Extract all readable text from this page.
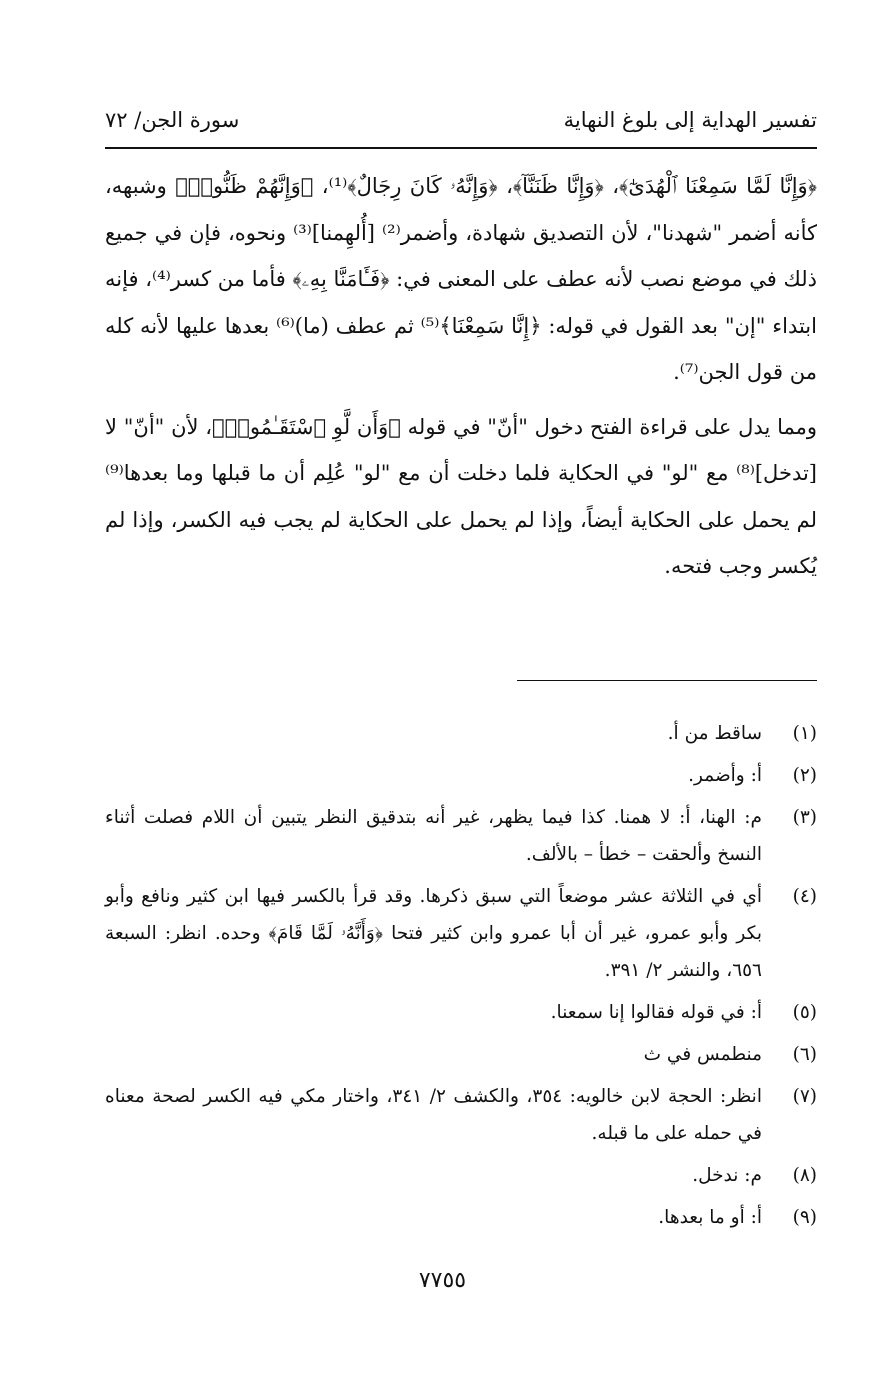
تفسير الهداية إلى بلوغ النهاية
سورة الجن/ ٧٢

﴿وَإِنَّا لَمَّا سَمِعْنَا ٱلْهُدَىٰٓ﴾، ﴿وَإِنَّا ظَنَنَّآ﴾، ﴿وَإِنَّهُۥ كَانَ رِجَالٌ﴾⁽¹⁾، ﴿وَإِنَّهُمْ ظَنُّوا۟﴾ وشبهه، كأنه أضمر "شهدنا"، لأن التصديق شهادة، وأضمر⁽²⁾ [أُلهِمنا]⁽³⁾ ونحوه، فإن في جميع ذلك في موضع نصب لأنه عطف على المعنى في: ﴿فَـَٔامَنَّا بِهِۦ﴾ فأما من كسر⁽⁴⁾، فإنه ابتداء "إن" بعد القول في قوله: ﴿إِنَّا سَمِعْنَا﴾⁽⁵⁾ ثم عطف (ما)⁽⁶⁾ بعدها عليها لأنه كله من قول الجن⁽⁷⁾.

ومما يدل على قراءة الفتح دخول "أنّ" في قوله ﴿وَأَن لَّوِ ٱسْتَقَـٰمُوا۟﴾، لأن "أنّ" لا [تدخل]⁽⁸⁾ مع "لو" في الحكاية فلما دخلت أن مع "لو" عُلِم أن ما قبلها وما بعدها⁽⁹⁾ لم يحمل على الحكاية أيضاً، وإذا لم يحمل على الحكاية لم يجب فيه الكسر، وإذا لم يُكسر وجب فتحه.

(١)
ساقط من أ.
(٢)
أ: وأضمر.
(٣)
م: الهنا، أ: لا همنا. كذا فيما يظهر، غير أنه بتدقيق النظر يتبين أن اللام فصلت أثناء النسخ وألحقت – خطأ – بالألف.
(٤)
أي في الثلاثة عشر موضعاً التي سبق ذكرها. وقد قرأ بالكسر فيها ابن كثير ونافع وأبو بكر وأبو عمرو، غير أن أبا عمرو وابن كثير فتحا ﴿وَأَنَّهُۥ لَمَّا قَامَ﴾ وحده. انظر: السبعة ٦٥٦، والنشر ٢/ ٣٩١.
(٥)
أ: في قوله فقالوا إنا سمعنا.
(٦)
منطمس في ث
(٧)
انظر: الحجة لابن خالويه: ٣٥٤، والكشف ٢/ ٣٤١، واختار مكي فيه الكسر لصحة معناه في حمله على ما قبله.
(٨)
م: ندخل.
(٩)
أ: أو ما بعدها.
٧٧٥٥
